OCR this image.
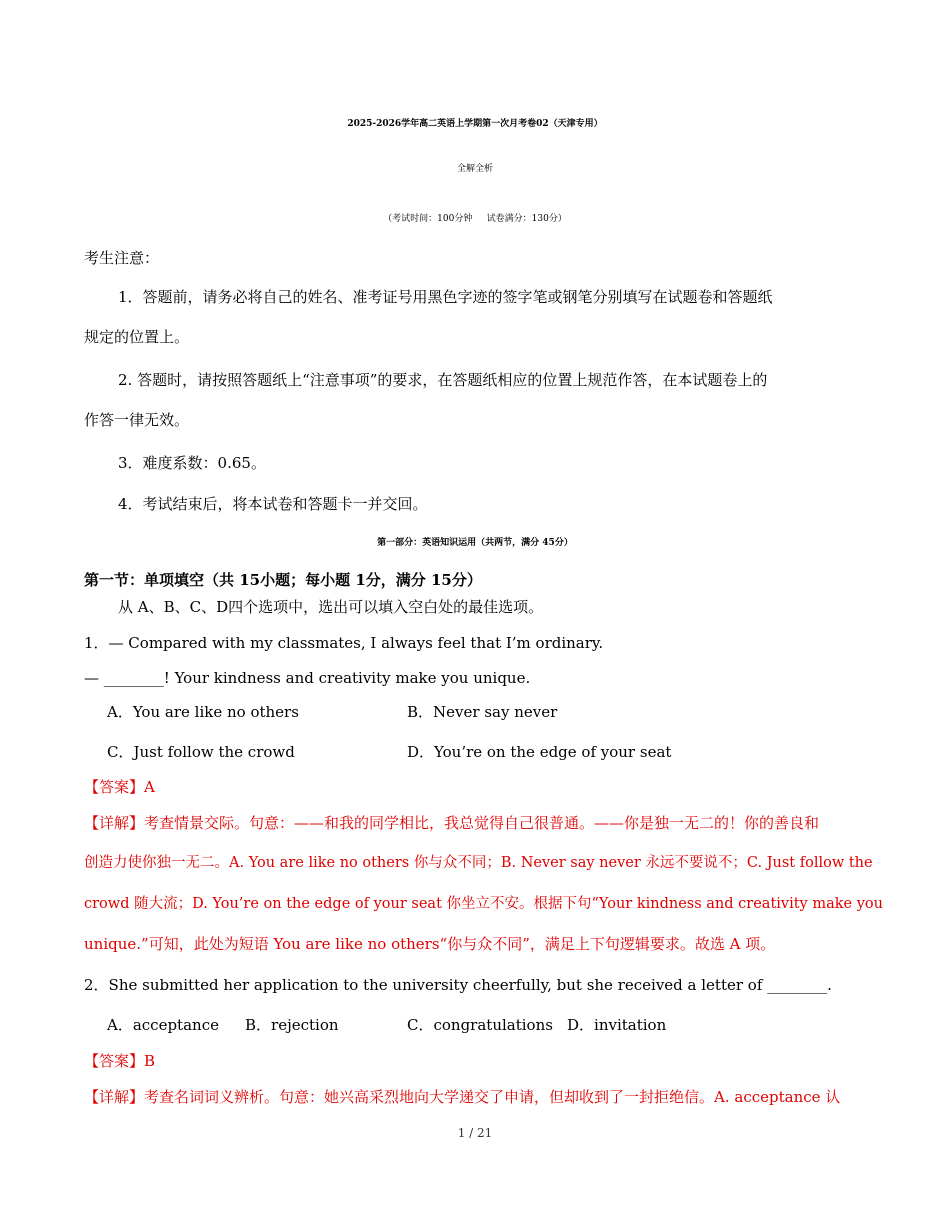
2025-2026学年高二英语上学期第一次月考卷02（天津专用）
全解全析
（考试时间：100分钟     试卷满分：130分）
考生注意：
1．答题前，请务必将自己的姓名、准考证号用黑色字迹的签字笔或钢笔分别填写在试题卷和答题纸
规定的位置上。
2. 答题时，请按照答题纸上“注意事项”的要求，在答题纸相应的位置上规范作答，在本试题卷上的
作答一律无效。
3．难度系数：0.65。
4．考试结束后，将本试卷和答题卡一并交回。
第一部分：英语知识运用（共两节，满分 45分）
第一节：单项填空（共 15小题；每小题 1分，满分 15分）
从 A、B、C、D四个选项中，选出可以填入空白处的最佳选项。
1．— Compared with my classmates, I always feel that I’m ordinary.
— ________! Your kindness and creativity make you unique.
A．You are like no others	B．Never say never
C．Just follow the crowd	D．You’re on the edge of your seat
【答案】A
【详解】考查情景交际。句意：——和我的同学相比，我总觉得自己很普通。——你是独一无二的！你的善良和
创造力使你独一无二。A. You are like no others 你与众不同；B. Never say never 永远不要说不；C. Just follow the
crowd 随大流；D. You’re on the edge of your seat 你坐立不安。根据下句“Your kindness and creativity make you
unique.”可知，此处为短语 You are like no others“你与众不同”，满足上下句逻辑要求。故选 A 项。
2．She submitted her application to the university cheerfully, but she received a letter of ________.
A．acceptance B．rejection	C．congratulations D．invitation
【答案】B
【详解】考查名词词义辨析。句意：她兴高采烈地向大学递交了申请，但却收到了一封拒绝信。A. acceptance 认
1 / 21
